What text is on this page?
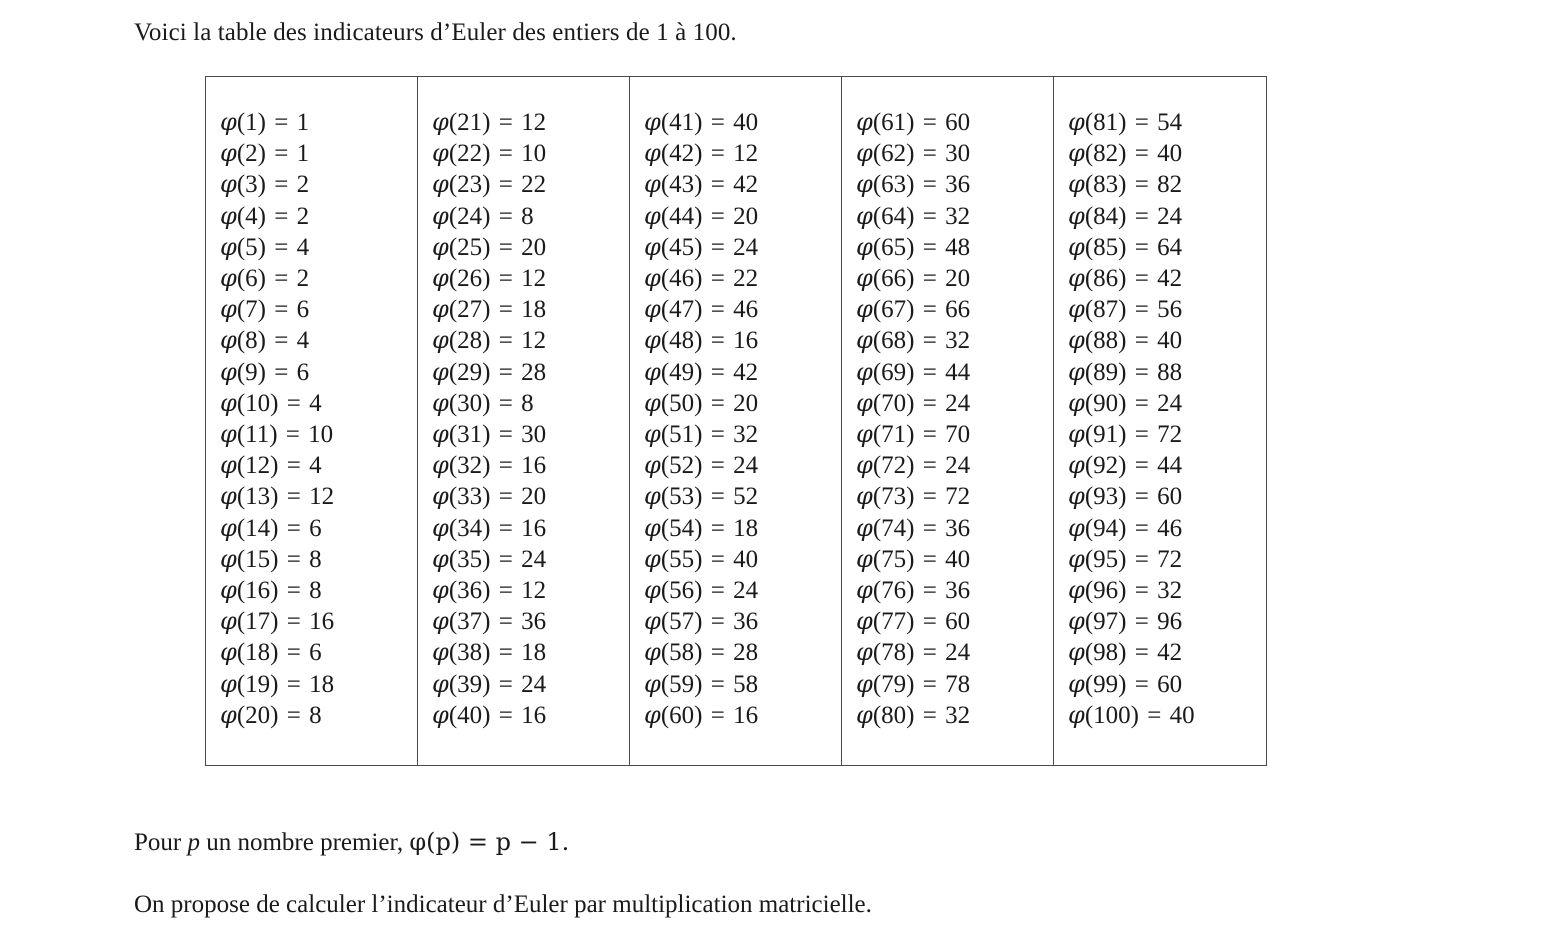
Voici la table des indicateurs d’Euler des entiers de 1 à 100.
φ(1) = 1
φ(2) = 1
φ(3) = 2
φ(4) = 2
φ(5) = 4
φ(6) = 2
φ(7) = 6
φ(8) = 4
φ(9) = 6
φ(10) = 4
φ(11) = 10
φ(12) = 4
φ(13) = 12
φ(14) = 6
φ(15) = 8
φ(16) = 8
φ(17) = 16
φ(18) = 6
φ(19) = 18
φ(20) = 8
φ(21) = 12
φ(22) = 10
φ(23) = 22
φ(24) = 8
φ(25) = 20
φ(26) = 12
φ(27) = 18
φ(28) = 12
φ(29) = 28
φ(30) = 8
φ(31) = 30
φ(32) = 16
φ(33) = 20
φ(34) = 16
φ(35) = 24
φ(36) = 12
φ(37) = 36
φ(38) = 18
φ(39) = 24
φ(40) = 16
φ(41) = 40
φ(42) = 12
φ(43) = 42
φ(44) = 20
φ(45) = 24
φ(46) = 22
φ(47) = 46
φ(48) = 16
φ(49) = 42
φ(50) = 20
φ(51) = 32
φ(52) = 24
φ(53) = 52
φ(54) = 18
φ(55) = 40
φ(56) = 24
φ(57) = 36
φ(58) = 28
φ(59) = 58
φ(60) = 16
φ(61) = 60
φ(62) = 30
φ(63) = 36
φ(64) = 32
φ(65) = 48
φ(66) = 20
φ(67) = 66
φ(68) = 32
φ(69) = 44
φ(70) = 24
φ(71) = 70
φ(72) = 24
φ(73) = 72
φ(74) = 36
φ(75) = 40
φ(76) = 36
φ(77) = 60
φ(78) = 24
φ(79) = 78
φ(80) = 32
φ(81) = 54
φ(82) = 40
φ(83) = 82
φ(84) = 24
φ(85) = 64
φ(86) = 42
φ(87) = 56
φ(88) = 40
φ(89) = 88
φ(90) = 24
φ(91) = 72
φ(92) = 44
φ(93) = 60
φ(94) = 46
φ(95) = 72
φ(96) = 32
φ(97) = 96
φ(98) = 42
φ(99) = 60
φ(100) = 40
Pour p un nombre premier, φ(p) = p − 1.
On propose de calculer l’indicateur d’Euler par multiplication matricielle.
